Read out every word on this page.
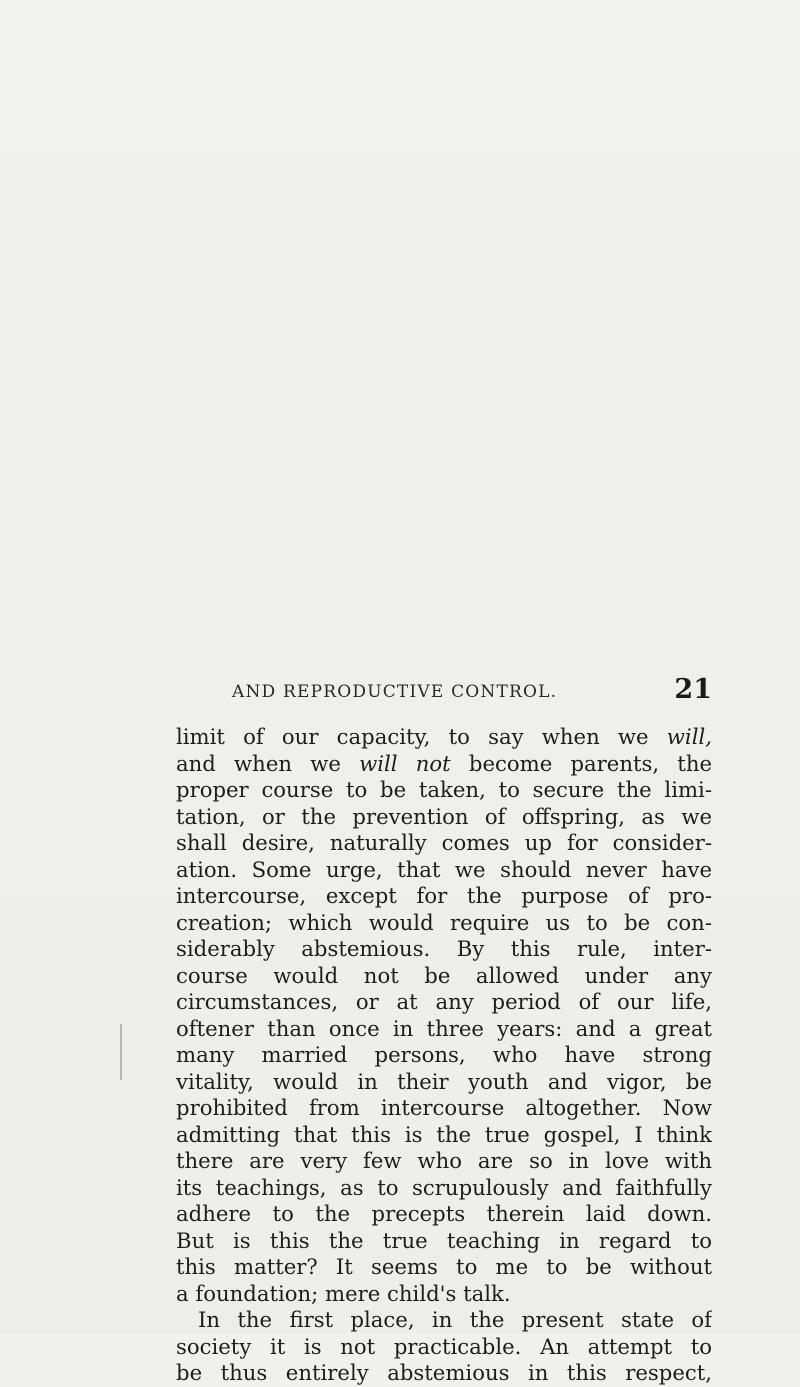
AND REPRODUCTIVE CONTROL.	21
limit of our capacity, to say when we will,
and when we will not become parents, the
proper course to be taken, to secure the limi-
tation, or the prevention of offspring, as we
shall desire, naturally comes up for consider-
ation. Some urge, that we should never have
intercourse, except for the purpose of pro-
creation; which would require us to be con-
siderably abstemious. By this rule, inter-
course would not be allowed under any
circumstances, or at any period of our life,
oftener than once in three years: and a great
many married persons, who have strong
vitality, would in their youth and vigor, be
prohibited from intercourse altogether. Now
admitting that this is the true gospel, I think
there are very few who are so in love with
its teachings, as to scrupulously and faithfully
adhere to the precepts therein laid down.
But is this the true teaching in regard to
this matter? It seems to me to be without
a foundation; mere child's talk.
In the first place, in the present state of
society it is not practicable. An attempt to
be thus entirely abstemious in this respect,
